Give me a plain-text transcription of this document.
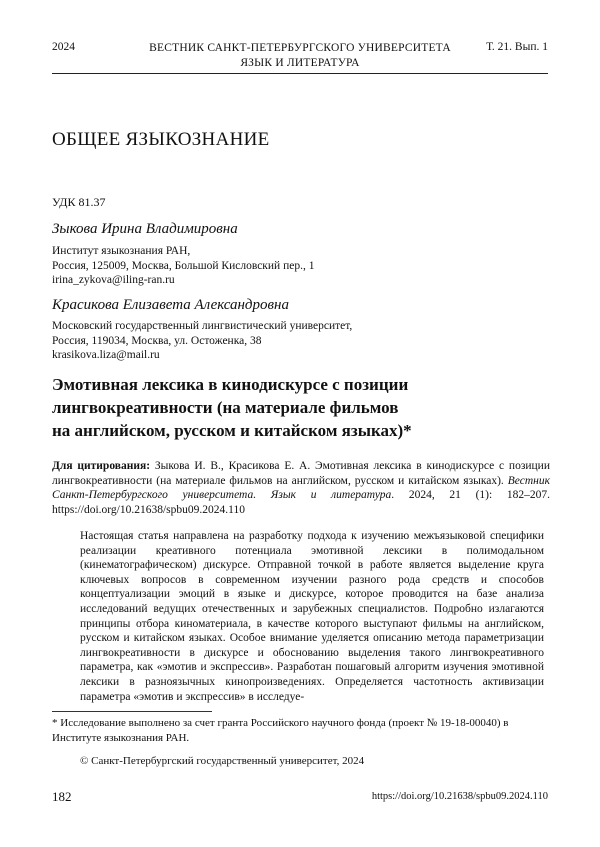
2024	ВЕСТНИК САНКТ-ПЕТЕРБУРГСКОГО УНИВЕРСИТЕТА
ЯЗЫК И ЛИТЕРАТУРА
Т. 21. Вып. 1
ОБЩЕЕ ЯЗЫКОЗНАНИЕ
УДК 81.37
Зыкова Ирина Владимировна
Институт языкознания РАН,
Россия, 125009, Москва, Большой Кисловский пер., 1
irina_zykova@iling-ran.ru
Красикова Елизавета Александровна
Московский государственный лингвистический университет,
Россия, 119034, Москва, ул. Остоженка, 38
krasikova.liza@mail.ru
Эмотивная лексика в кинодискурсе с позиции
лингвокреативности (на материале фильмов
на английском, русском и китайском языках)*
Для цитирования: Зыкова И. В., Красикова Е. А. Эмотивная лексика в кинодискурсе с позиции лингвокреативности (на материале фильмов на английском, русском и китайском языках). Вестник Санкт-Петербургского университета. Язык и литература. 2024, 21 (1): 182–207. https://doi.org/10.21638/spbu09.2024.110
Настоящая статья направлена на разработку подхода к изучению межъязыковой специфики реализации креативного потенциала эмотивной лексики в полимодальном (кинематографическом) дискурсе. Отправной точкой в работе является выделение круга ключевых вопросов в современном изучении разного рода средств и способов концептуализации эмоций в языке и дискурсе, которое проводится на базе анализа исследований ведущих отечественных и зарубежных специалистов. Подробно излагаются принципы отбора киноматериала, в качестве которого выступают фильмы на английском, русском и китайском языках. Особое внимание уделяется описанию метода параметризации лингвокреативности в дискурсе и обоснованию выделения такого лингвокреативного параметра, как «эмотив и экспрессив». Разработан пошаговый алгоритм изучения эмотивной лексики в разноязычных кинопроизведениях. Определяется частотность активизации параметра «эмотив и экспрессив» в исследуе-
* Исследование выполнено за счет гранта Российского научного фонда (проект № 19-18-00040) в Институте языкознания РАН.
© Санкт-Петербургский государственный университет, 2024
182	https://doi.org/10.21638/spbu09.2024.110
